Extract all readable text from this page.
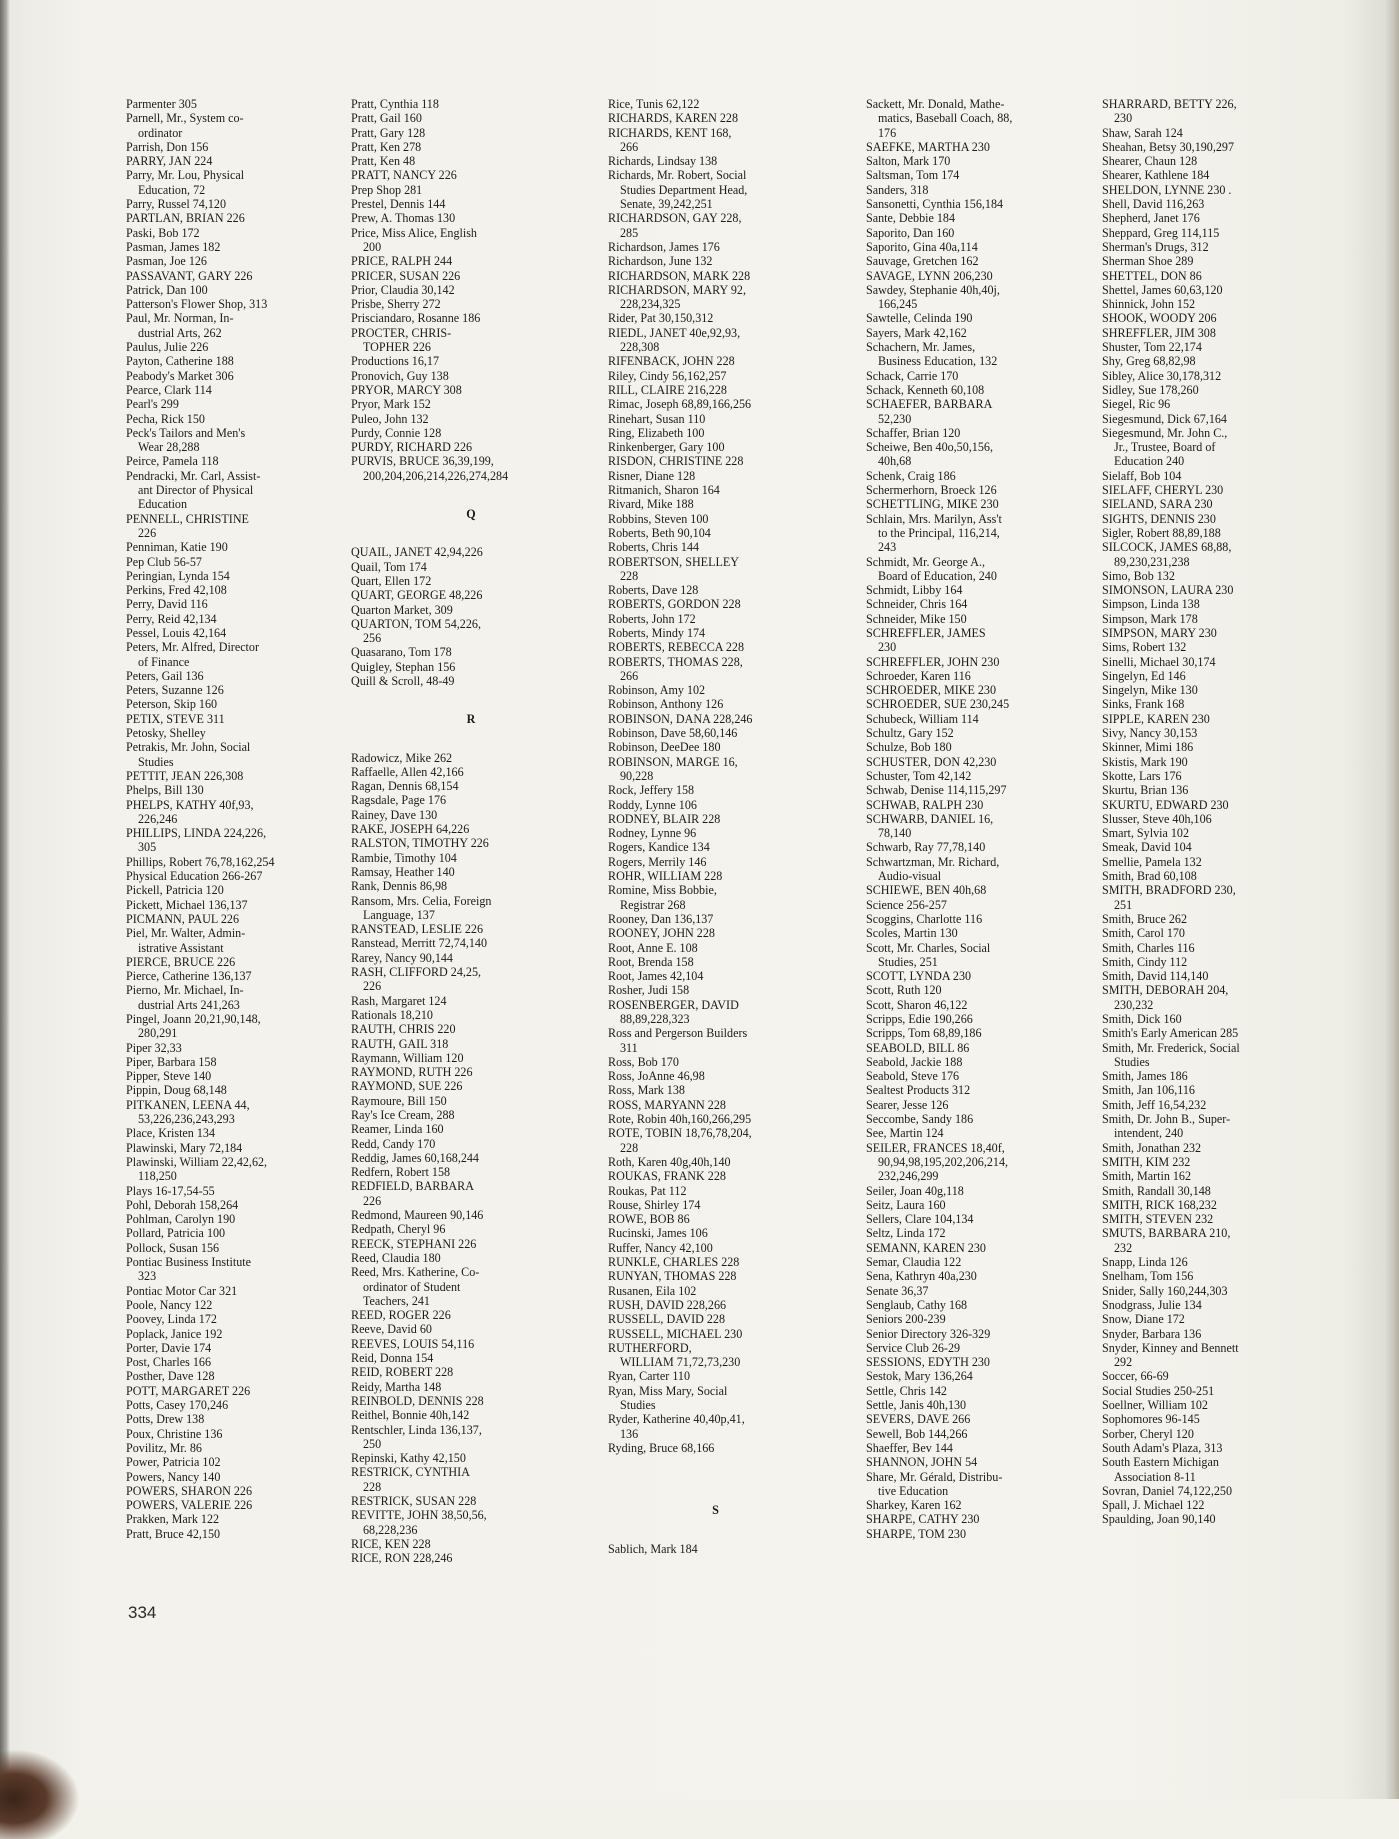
Parmenter 305
Parnell, Mr., System co-
ordinator
Parrish, Don 156
PARRY, JAN 224
Parry, Mr. Lou, Physical
Education, 72
Parry, Russel 74,120
PARTLAN, BRIAN 226
Paski, Bob 172
Pasman, James 182
Pasman, Joe 126
PASSAVANT, GARY 226
Patrick, Dan 100
Patterson's Flower Shop, 313
Paul, Mr. Norman, In-
dustrial Arts, 262
Paulus, Julie 226
Payton, Catherine 188
Peabody's Market 306
Pearce, Clark 114
Pearl's 299
Pecha, Rick 150
Peck's Tailors and Men's
Wear 28,288
Peirce, Pamela 118
Pendracki, Mr. Carl, Assist-
ant Director of Physical
Education
PENNELL, CHRISTINE
226
Penniman, Katie 190
Pep Club 56-57
Peringian, Lynda 154
Perkins, Fred 42,108
Perry, David 116
Perry, Reid 42,134
Pessel, Louis 42,164
Peters, Mr. Alfred, Director
of Finance
Peters, Gail 136
Peters, Suzanne 126
Peterson, Skip 160
PETIX, STEVE 311
Petosky, Shelley
Petrakis, Mr. John, Social
Studies
PETTIT, JEAN 226,308
Phelps, Bill 130
PHELPS, KATHY 40f,93,
226,246
PHILLIPS, LINDA 224,226,
305
Phillips, Robert 76,78,162,254
Physical Education 266-267
Pickell, Patricia 120
Pickett, Michael 136,137
PICMANN, PAUL 226
Piel, Mr. Walter, Admin-
istrative Assistant
PIERCE, BRUCE 226
Pierce, Catherine 136,137
Pierno, Mr. Michael, In-
dustrial Arts 241,263
Pingel, Joann 20,21,90,148,
280,291
Piper 32,33
Piper, Barbara 158
Pipper, Steve 140
Pippin, Doug 68,148
PITKANEN, LEENA 44,
53,226,236,243,293
Place, Kristen 134
Plawinski, Mary 72,184
Plawinski, William 22,42,62,
118,250
Plays 16-17,54-55
Pohl, Deborah 158,264
Pohlman, Carolyn 190
Pollard, Patricia 100
Pollock, Susan 156
Pontiac Business Institute
323
Pontiac Motor Car 321
Poole, Nancy 122
Poovey, Linda 172
Poplack, Janice 192
Porter, Davie 174
Post, Charles 166
Posther, Dave 128
POTT, MARGARET 226
Potts, Casey 170,246
Potts, Drew 138
Poux, Christine 136
Povilitz, Mr. 86
Power, Patricia 102
Powers, Nancy 140
POWERS, SHARON 226
POWERS, VALERIE 226
Prakken, Mark 122
Pratt, Bruce 42,150
Pratt, Cynthia 118
Pratt, Gail 160
Pratt, Gary 128
Pratt, Ken 278
Pratt, Ken 48
PRATT, NANCY 226
Prep Shop 281
Prestel, Dennis 144
Prew, A. Thomas 130
Price, Miss Alice, English
200
PRICE, RALPH 244
PRICER, SUSAN 226
Prior, Claudia 30,142
Prisbe, Sherry 272
Prisciandaro, Rosanne 186
PROCTER, CHRIS-
TOPHER 226
Productions 16,17
Pronovich, Guy 138
PRYOR, MARCY 308
Pryor, Mark 152
Puleo, John 132
Purdy, Connie 128
PURDY, RICHARD 226
PURVIS, BRUCE 36,39,199,
200,204,206,214,226,274,284
Q
QUAIL, JANET 42,94,226
Quail, Tom 174
Quart, Ellen 172
QUART, GEORGE 48,226
Quarton Market, 309
QUARTON, TOM 54,226,
256
Quasarano, Tom 178
Quigley, Stephan 156
Quill & Scroll, 48-49
R
Radowicz, Mike 262
Raffaelle, Allen 42,166
Ragan, Dennis 68,154
Ragsdale, Page 176
Rainey, Dave 130
RAKE, JOSEPH 64,226
RALSTON, TIMOTHY 226
Rambie, Timothy 104
Ramsay, Heather 140
Rank, Dennis 86,98
Ransom, Mrs. Celia, Foreign
Language, 137
RANSTEAD, LESLIE 226
Ranstead, Merritt 72,74,140
Rarey, Nancy 90,144
RASH, CLIFFORD 24,25,
226
Rash, Margaret 124
Rationals 18,210
RAUTH, CHRIS 220
RAUTH, GAIL 318
Raymann, William 120
RAYMOND, RUTH 226
RAYMOND, SUE 226
Raymoure, Bill 150
Ray's Ice Cream, 288
Reamer, Linda 160
Redd, Candy 170
Reddig, James 60,168,244
Redfern, Robert 158
REDFIELD, BARBARA
226
Redmond, Maureen 90,146
Redpath, Cheryl 96
REECK, STEPHANI 226
Reed, Claudia 180
Reed, Mrs. Katherine, Co-
ordinator of Student
Teachers, 241
REED, ROGER 226
Reeve, David 60
REEVES, LOUIS 54,116
Reid, Donna 154
REID, ROBERT 228
Reidy, Martha 148
REINBOLD, DENNIS 228
Reithel, Bonnie 40h,142
Rentschler, Linda 136,137,
250
Repinski, Kathy 42,150
RESTRICK, CYNTHIA
228
RESTRICK, SUSAN 228
REVITTE, JOHN 38,50,56,
68,228,236
RICE, KEN 228
RICE, RON 228,246
Rice, Tunis 62,122
RICHARDS, KAREN 228
RICHARDS, KENT 168,
266
Richards, Lindsay 138
Richards, Mr. Robert, Social
Studies Department Head,
Senate, 39,242,251
RICHARDSON, GAY 228,
285
Richardson, James 176
Richardson, June 132
RICHARDSON, MARK 228
RICHARDSON, MARY 92,
228,234,325
Rider, Pat 30,150,312
RIEDL, JANET 40e,92,93,
228,308
RIFENBACK, JOHN 228
Riley, Cindy 56,162,257
RILL, CLAIRE 216,228
Rimac, Joseph 68,89,166,256
Rinehart, Susan 110
Ring, Elizabeth 100
Rinkenberger, Gary 100
RISDON, CHRISTINE 228
Risner, Diane 128
Ritmanich, Sharon 164
Rivard, Mike 188
Robbins, Steven 100
Roberts, Beth 90,104
Roberts, Chris 144
ROBERTSON, SHELLEY
228
Roberts, Dave 128
ROBERTS, GORDON 228
Roberts, John 172
Roberts, Mindy 174
ROBERTS, REBECCA 228
ROBERTS, THOMAS 228,
266
Robinson, Amy 102
Robinson, Anthony 126
ROBINSON, DANA 228,246
Robinson, Dave 58,60,146
Robinson, DeeDee 180
ROBINSON, MARGE 16,
90,228
Rock, Jeffery 158
Roddy, Lynne 106
RODNEY, BLAIR 228
Rodney, Lynne 96
Rogers, Kandice 134
Rogers, Merrily 146
ROHR, WILLIAM 228
Romine, Miss Bobbie,
Registrar 268
Rooney, Dan 136,137
ROONEY, JOHN 228
Root, Anne E. 108
Root, Brenda 158
Root, James 42,104
Rosher, Judi 158
ROSENBERGER, DAVID
88,89,228,323
Ross and Pergerson Builders
311
Ross, Bob 170
Ross, JoAnne 46,98
Ross, Mark 138
ROSS, MARYANN 228
Rote, Robin 40h,160,266,295
ROTE, TOBIN 18,76,78,204,
228
Roth, Karen 40g,40h,140
ROUKAS, FRANK 228
Roukas, Pat 112
Rouse, Shirley 174
ROWE, BOB 86
Rucinski, James 106
Ruffer, Nancy 42,100
RUNKLE, CHARLES 228
RUNYAN, THOMAS 228
Rusanen, Eila 102
RUSH, DAVID 228,266
RUSSELL, DAVID 228
RUSSELL, MICHAEL 230
RUTHERFORD,
WILLIAM 71,72,73,230
Ryan, Carter 110
Ryan, Miss Mary, Social
Studies
Ryder, Katherine 40,40p,41,
136
Ryding, Bruce 68,166
S
Sablich, Mark 184
Sackett, Mr. Donald, Mathe-
matics, Baseball Coach, 88,
176
SAEFKE, MARTHA 230
Salton, Mark 170
Saltsman, Tom 174
Sanders, 318
Sansonetti, Cynthia 156,184
Sante, Debbie 184
Saporito, Dan 160
Saporito, Gina 40a,114
Sauvage, Gretchen 162
SAVAGE, LYNN 206,230
Sawdey, Stephanie 40h,40j,
166,245
Sawtelle, Celinda 190
Sayers, Mark 42,162
Schachern, Mr. James,
Business Education, 132
Schack, Carrie 170
Schack, Kenneth 60,108
SCHAEFER, BARBARA
52,230
Schaffer, Brian 120
Scheiwe, Ben 40o,50,156,
40h,68
Schenk, Craig 186
Schermerhorn, Broeck 126
SCHETTLING, MIKE 230
Schlain, Mrs. Marilyn, Ass't
to the Principal, 116,214,
243
Schmidt, Mr. George A.,
Board of Education, 240
Schmidt, Libby 164
Schneider, Chris 164
Schneider, Mike 150
SCHREFFLER, JAMES
230
SCHREFFLER, JOHN 230
Schroeder, Karen 116
SCHROEDER, MIKE 230
SCHROEDER, SUE 230,245
Schubeck, William 114
Schultz, Gary 152
Schulze, Bob 180
SCHUSTER, DON 42,230
Schuster, Tom 42,142
Schwab, Denise 114,115,297
SCHWAB, RALPH 230
SCHWARB, DANIEL 16,
78,140
Schwarb, Ray 77,78,140
Schwartzman, Mr. Richard,
Audio-visual
SCHIEWE, BEN 40h,68
Science 256-257
Scoggins, Charlotte 116
Scoles, Martin 130
Scott, Mr. Charles, Social
Studies, 251
SCOTT, LYNDA 230
Scott, Ruth 120
Scott, Sharon 46,122
Scripps, Edie 190,266
Scripps, Tom 68,89,186
SEABOLD, BILL 86
Seabold, Jackie 188
Seabold, Steve 176
Sealtest Products 312
Searer, Jesse 126
Seccombe, Sandy 186
See, Martin 124
SEILER, FRANCES 18,40f,
90,94,98,195,202,206,214,
232,246,299
Seiler, Joan 40g,118
Seitz, Laura 160
Sellers, Clare 104,134
Seltz, Linda 172
SEMANN, KAREN 230
Semar, Claudia 122
Sena, Kathryn 40a,230
Senate 36,37
Senglaub, Cathy 168
Seniors 200-239
Senior Directory 326-329
Service Club 26-29
SESSIONS, EDYTH 230
Sestok, Mary 136,264
Settle, Chris 142
Settle, Janis 40h,130
SEVERS, DAVE 266
Sewell, Bob 144,266
Shaeffer, Bev 144
SHANNON, JOHN 54
Share, Mr. Gérald, Distribu-
tive Education
Sharkey, Karen 162
SHARPE, CATHY 230
SHARPE, TOM 230
SHARRARD, BETTY 226,
230
Shaw, Sarah 124
Sheahan, Betsy 30,190,297
Shearer, Chaun 128
Shearer, Kathlene 184
SHELDON, LYNNE 230 .
Shell, David 116,263
Shepherd, Janet 176
Sheppard, Greg 114,115
Sherman's Drugs, 312
Sherman Shoe 289
SHETTEL, DON 86
Shettel, James 60,63,120
Shinnick, John 152
SHOOK, WOODY 206
SHREFFLER, JIM 308
Shuster, Tom 22,174
Shy, Greg 68,82,98
Sibley, Alice 30,178,312
Sidley, Sue 178,260
Siegel, Ric 96
Siegesmund, Dick 67,164
Siegesmund, Mr. John C.,
Jr., Trustee, Board of
Education 240
Sielaff, Bob 104
SIELAFF, CHERYL 230
SIELAND, SARA 230
SIGHTS, DENNIS 230
Sigler, Robert 88,89,188
SILCOCK, JAMES 68,88,
89,230,231,238
Simo, Bob 132
SIMONSON, LAURA 230
Simpson, Linda 138
Simpson, Mark 178
SIMPSON, MARY 230
Sims, Robert 132
Sinelli, Michael 30,174
Singelyn, Ed 146
Singelyn, Mike 130
Sinks, Frank 168
SIPPLE, KAREN 230
Sivy, Nancy 30,153
Skinner, Mimi 186
Skistis, Mark 190
Skotte, Lars 176
Skurtu, Brian 136
SKURTU, EDWARD 230
Slusser, Steve 40h,106
Smart, Sylvia 102
Smeak, David 104
Smellie, Pamela 132
Smith, Brad 60,108
SMITH, BRADFORD 230,
251
Smith, Bruce 262
Smith, Carol 170
Smith, Charles 116
Smith, Cindy 112
Smith, David 114,140
SMITH, DEBORAH 204,
230,232
Smith, Dick 160
Smith's Early American 285
Smith, Mr. Frederick, Social
Studies
Smith, James 186
Smith, Jan 106,116
Smith, Jeff 16,54,232
Smith, Dr. John B., Super-
intendent, 240
Smith, Jonathan 232
SMITH, KIM 232
Smith, Martin 162
Smith, Randall 30,148
SMITH, RICK 168,232
SMITH, STEVEN 232
SMUTS, BARBARA 210,
232
Snapp, Linda 126
Snelham, Tom 156
Snider, Sally 160,244,303
Snodgrass, Julie 134
Snow, Diane 172
Snyder, Barbara 136
Snyder, Kinney and Bennett
292
Soccer, 66-69
Social Studies 250-251
Soellner, William 102
Sophomores 96-145
Sorber, Cheryl 120
South Adam's Plaza, 313
South Eastern Michigan
Association 8-11
Sovran, Daniel 74,122,250
Spall, J. Michael 122
Spaulding, Joan 90,140
334
